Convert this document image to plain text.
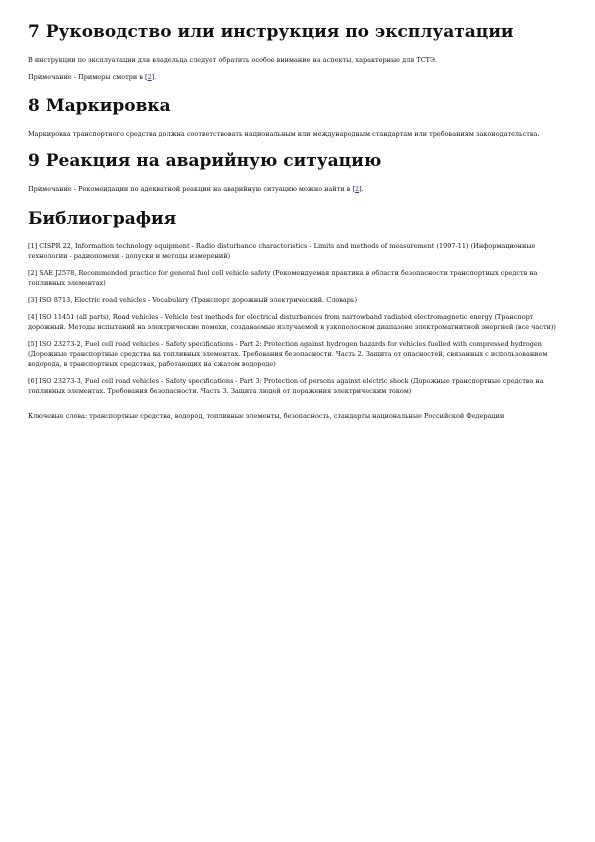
7 Руководство или инструкция по эксплуатации

В инструкции по эксплуатации для владельца следует обратить особое внимание на аспекты, характерные для ТСТЭ.

Примечание - Примеры смотри в [2].

8 Маркировка

Маркировка транспортного средства должна соответствовать национальным или международным стандартам или требованиям законодательства.

9 Реакция на аварийную ситуацию

Примечание - Рекомендации по адекватной реакции на аварийную ситуацию можно найти в [2].

Библиография

[1] CISPR 22, Information technology equipment - Radio disturbance characteristics - Limits and methods of measurement (1997-11) (Информационные технологии - радиопомехи - допуски и методы измерений)

[2] SAE J2578, Recommended practice for general fuel cell vehicle safety (Рекомендуемая практика в области безопасности транспортных средств на топливных элементах)

[3] ISO 8713, Electric road vehicles - Vocabulary (Транспорт дорожный электрический. Словарь)

[4] ISO 11451 (all parts), Road vehicles - Vehicle test methods for electrical disturbances from narrowband radiated electromagnetic energy (Транспорт дорожный. Методы испытаний на электрические помехи, создаваемые излучаемой в узкополосном диапазоне электромагнитной энергией (все части))

[5] ISO 23273-2, Fuel cell road vehicles - Safety specifications - Part 2: Protection against hydrogen hazards for vehicles fuelled with compressed hydrogen (Дорожные транспортные средства на топливных элементах. Требования безопасности. Часть 2. Защита от опасностей, связанных с использованием водорода, в транспортных средствах, работающих на сжатом водороде)

[6] ISO 23273-3, Fuel cell road vehicles - Safety specifications - Part 3: Protection of persons against electric shock (Дорожные транспортные средства на топливных элементах. Требования безопасности. Часть 3. Защита людей от поражения электрическим током)

Ключевые слова: транспортные средства, водород, топливные элементы, безопасность, стандарты национальные Российской Федерации
